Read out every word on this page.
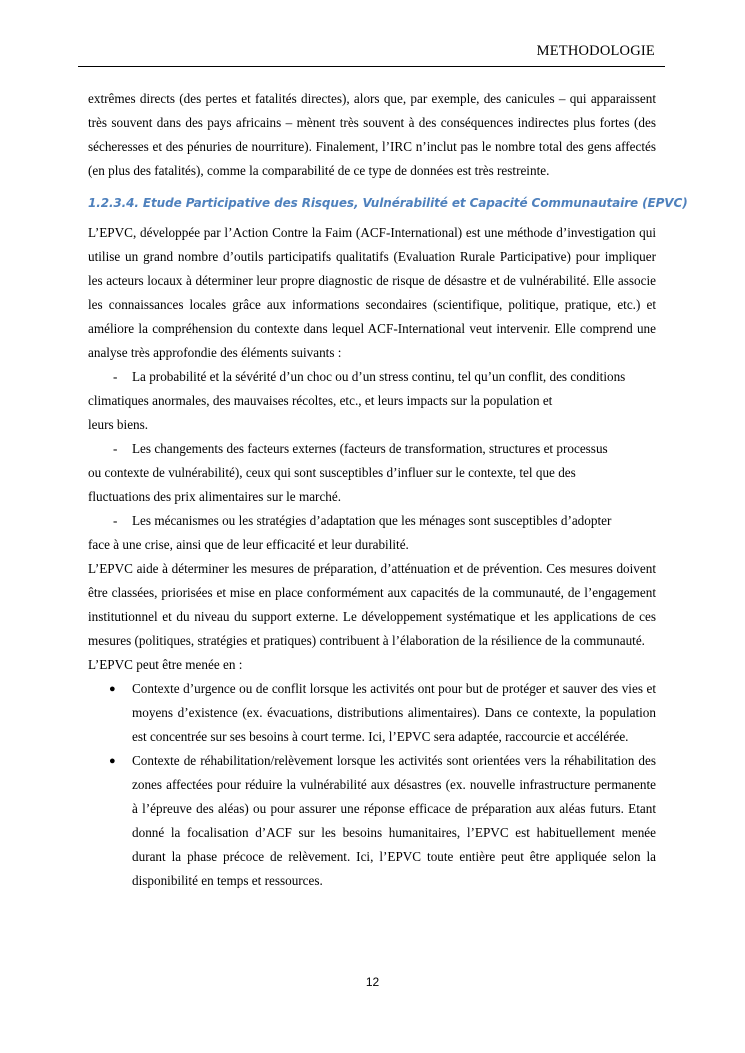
METHODOLOGIE

extrêmes directs (des pertes et fatalités directes), alors que, par exemple, des canicules – qui apparaissent très souvent dans des pays africains – mènent très souvent à des conséquences indirectes plus fortes (des sécheresses et des pénuries de nourriture). Finalement, l’IRC n’inclut pas le nombre total des gens affectés (en plus des fatalités), comme la comparabilité de ce type de données est très restreinte.

1.2.3.4. Etude Participative des Risques, Vulnérabilité et Capacité Communautaire (EPVC)

L’EPVC, développée par l’Action Contre la Faim (ACF-International) est une méthode d’investigation qui utilise un grand nombre d’outils participatifs qualitatifs (Evaluation Rurale Participative) pour impliquer les acteurs locaux à déterminer leur propre diagnostic de risque de désastre et de vulnérabilité. Elle associe les connaissances locales grâce aux informations secondaires (scientifique, politique, pratique, etc.) et améliore la compréhension du contexte dans lequel ACF-International veut intervenir. Elle comprend une analyse très approfondie des éléments suivants :

-	La probabilité et la sévérité d’un choc ou d’un stress continu, tel qu’un conflit, des conditions
climatiques anormales, des mauvaises récoltes, etc., et leurs impacts sur la population et
leurs biens.
-	Les changements des facteurs externes (facteurs de transformation, structures et processus
ou contexte de vulnérabilité), ceux qui sont susceptibles d’influer sur le contexte, tel que des
fluctuations des prix alimentaires sur le marché.
-	Les mécanismes ou les stratégies d’adaptation que les ménages sont susceptibles d’adopter
face à une crise, ainsi que de leur efficacité et leur durabilité.

L’EPVC aide à déterminer les mesures de préparation, d’atténuation et de prévention. Ces mesures doivent être classées, priorisées et mise en place conformément aux capacités de la communauté, de l’engagement institutionnel et du niveau du support externe. Le développement systématique et les applications de ces mesures (politiques, stratégies et pratiques) contribuent à l’élaboration de la résilience de la communauté.

L’EPVC peut être menée en :

● Contexte d’urgence ou de conflit lorsque les activités ont pour but de protéger et sauver des vies et moyens d’existence (ex. évacuations, distributions alimentaires). Dans ce contexte, la population est concentrée sur ses besoins à court terme. Ici, l’EPVC sera adaptée, raccourcie et accélérée.
● Contexte de réhabilitation/relèvement lorsque les activités sont orientées vers la réhabilitation des zones affectées pour réduire la vulnérabilité aux désastres (ex. nouvelle infrastructure permanente à l’épreuve des aléas) ou pour assurer une réponse efficace de préparation aux aléas futurs. Etant donné la focalisation d’ACF sur les besoins humanitaires, l’EPVC est habituellement menée durant la phase précoce de relèvement. Ici, l’EPVC toute entière peut être appliquée selon la disponibilité en temps et ressources.
12
